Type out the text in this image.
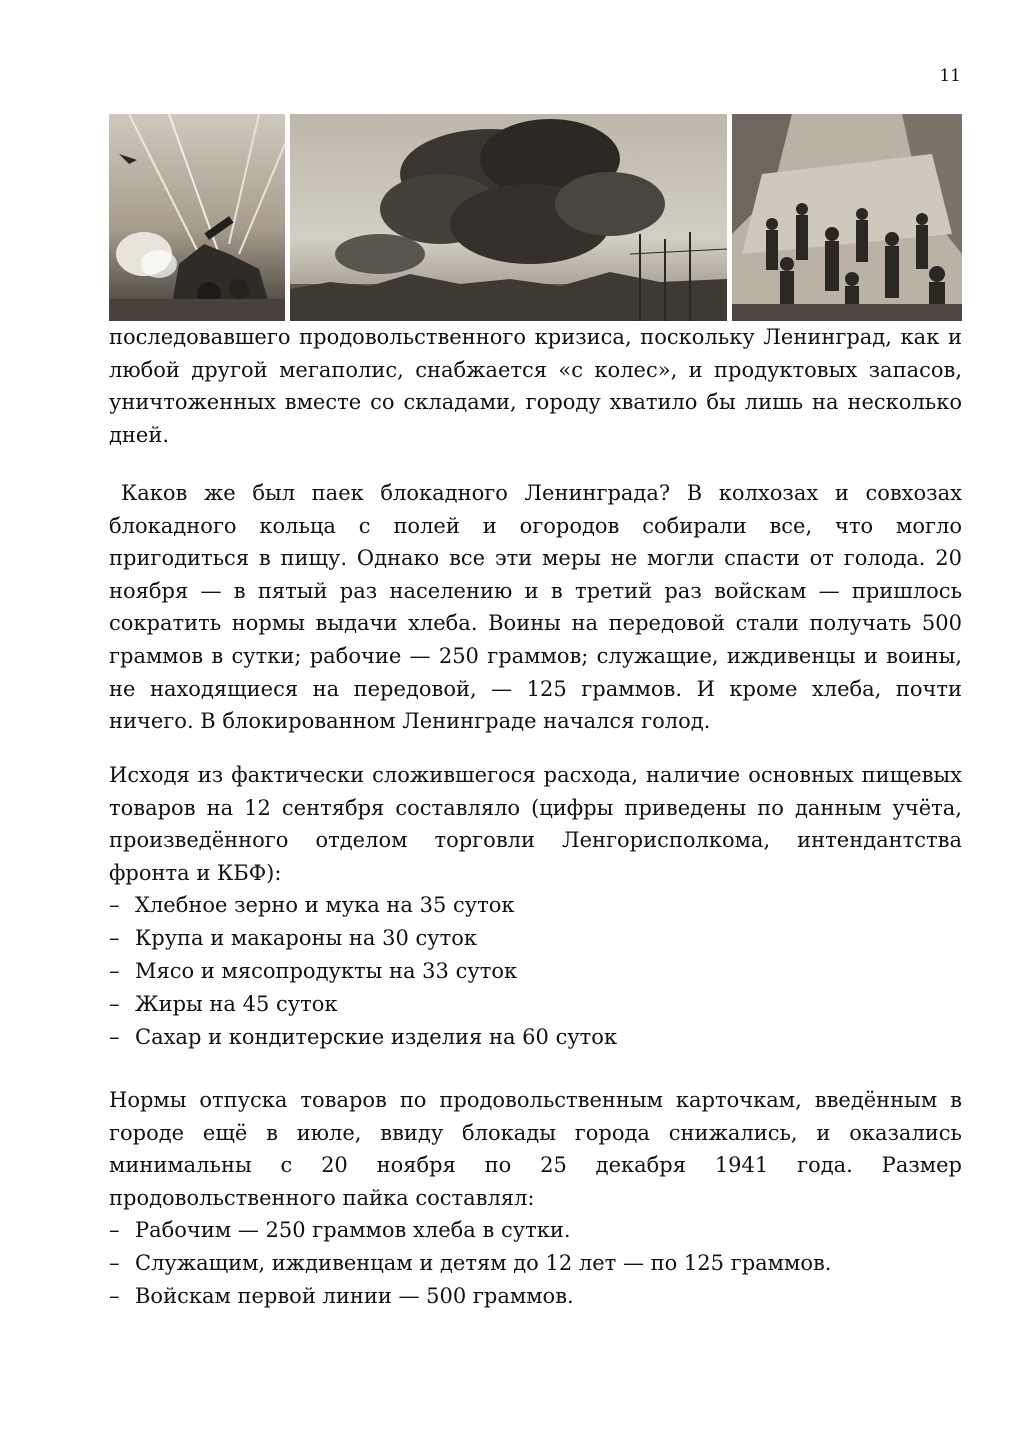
11

последовавшего продовольственного кризиса, поскольку Ленинград, как и любой другой мегаполис, снабжается «с колес», и продуктовых запасов, уничтоженных вместе со складами, городу хватило бы лишь на несколько дней.

Каков же был паек блокадного Ленинграда? В колхозах и совхозах блокадного кольца с полей и огородов собирали все, что могло пригодиться в пищу. Однако все эти меры не могли спасти от голода. 20 ноября — в пятый раз населению и в третий раз войскам — пришлось сократить нормы выдачи хлеба. Воины на передовой стали получать 500 граммов в сутки; рабочие — 250 граммов; служащие, иждивенцы и воины, не находящиеся на передовой, — 125 граммов. И кроме хлеба, почти ничего. В блокированном Ленинграде начался голод.

Исходя из фактически сложившегося расхода, наличие основных пищевых товаров на 12 сентября составляло (цифры приведены по данным учёта, произведённого отделом торговли Ленгорисполкома, интендантства фронта и КБФ):

– Хлебное зерно и мука на 35 суток
– Крупа и макароны на 30 суток
– Мясо и мясопродукты на 33 суток
– Жиры на 45 суток
– Сахар и кондитерские изделия на 60 суток

Нормы отпуска товаров по продовольственным карточкам, введённым в городе ещё в июле, ввиду блокады города снижались, и оказались минимальны с 20 ноября по 25 декабря 1941 года. Размер продовольственного пайка составлял:

– Рабочим — 250 граммов хлеба в сутки.
– Служащим, иждивенцам и детям до 12 лет — по 125 граммов.
– Войскам первой линии — 500 граммов.
